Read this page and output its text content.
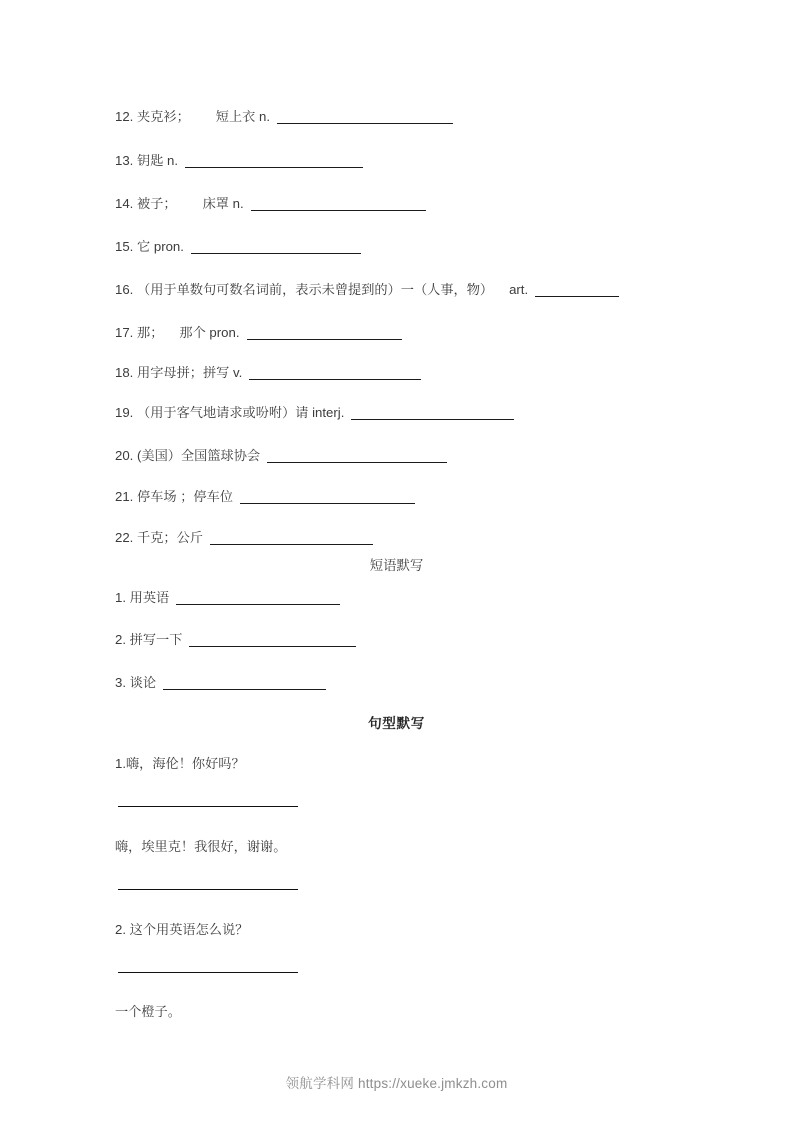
12. 夹克衫； 短上衣 n.
13. 钥匙 n.
14. 被子； 床罩 n.
15. 它 pron.
16. （用于单数句可数名词前，表示未曾提到的）一（人事，物） art.
17. 那； 那个 pron.
18. 用字母拼；拼写 v.
19. （用于客气地请求或吩咐）请 interj.
20. (美国）全国篮球协会
21. 停车场 ；停车位
22. 千克；公斤
短语默写
1. 用英语
2. 拼写一下
3. 谈论
句型默写
1.嗨，海伦！你好吗？
嗨，埃里克！我很好，谢谢。
2. 这个用英语怎么说？
一个橙子。
领航学科网 https://xueke.jmkzh.com
